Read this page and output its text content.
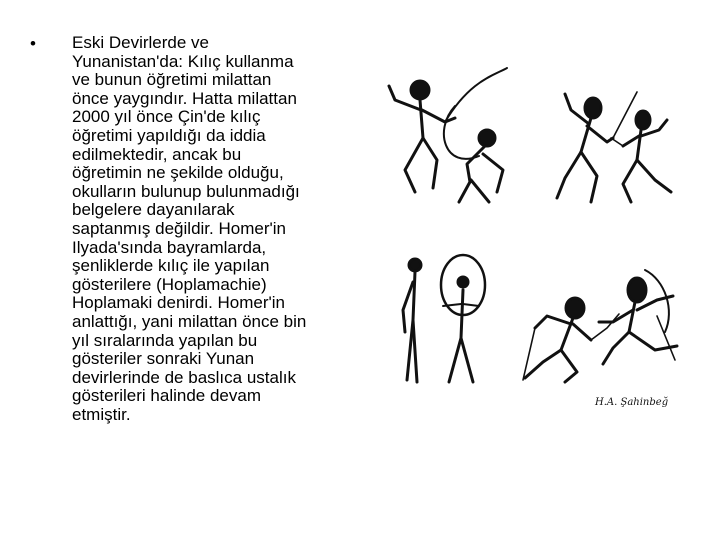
• Eski Devirlerde ve
Yunanistan'da: Kılıç kullanma
ve bunun öğretimi milattan
önce yaygındır. Hatta milattan
2000 yıl önce Çin'de kılıç
öğretimi yapıldığı da iddia
edilmektedir, ancak bu
öğretimin ne şekilde olduğu,
okulların bulunup bulunmadığı
belgelere dayanılarak
saptanmış değildir. Homer'in
Ilyada'sında bayramlarda,
şenliklerde kılıç ile yapılan
gösterilere (Hoplamachie)
Hoplamaki denirdi. Homer'in
anlattığı, yani milattan önce bin
yıl sıralarında yapılan bu
gösteriler sonraki Yunan
devirlerinde de baslıca ustalık
gösterileri halinde devam
etmiştir.
H.A. Şahinbeğ
